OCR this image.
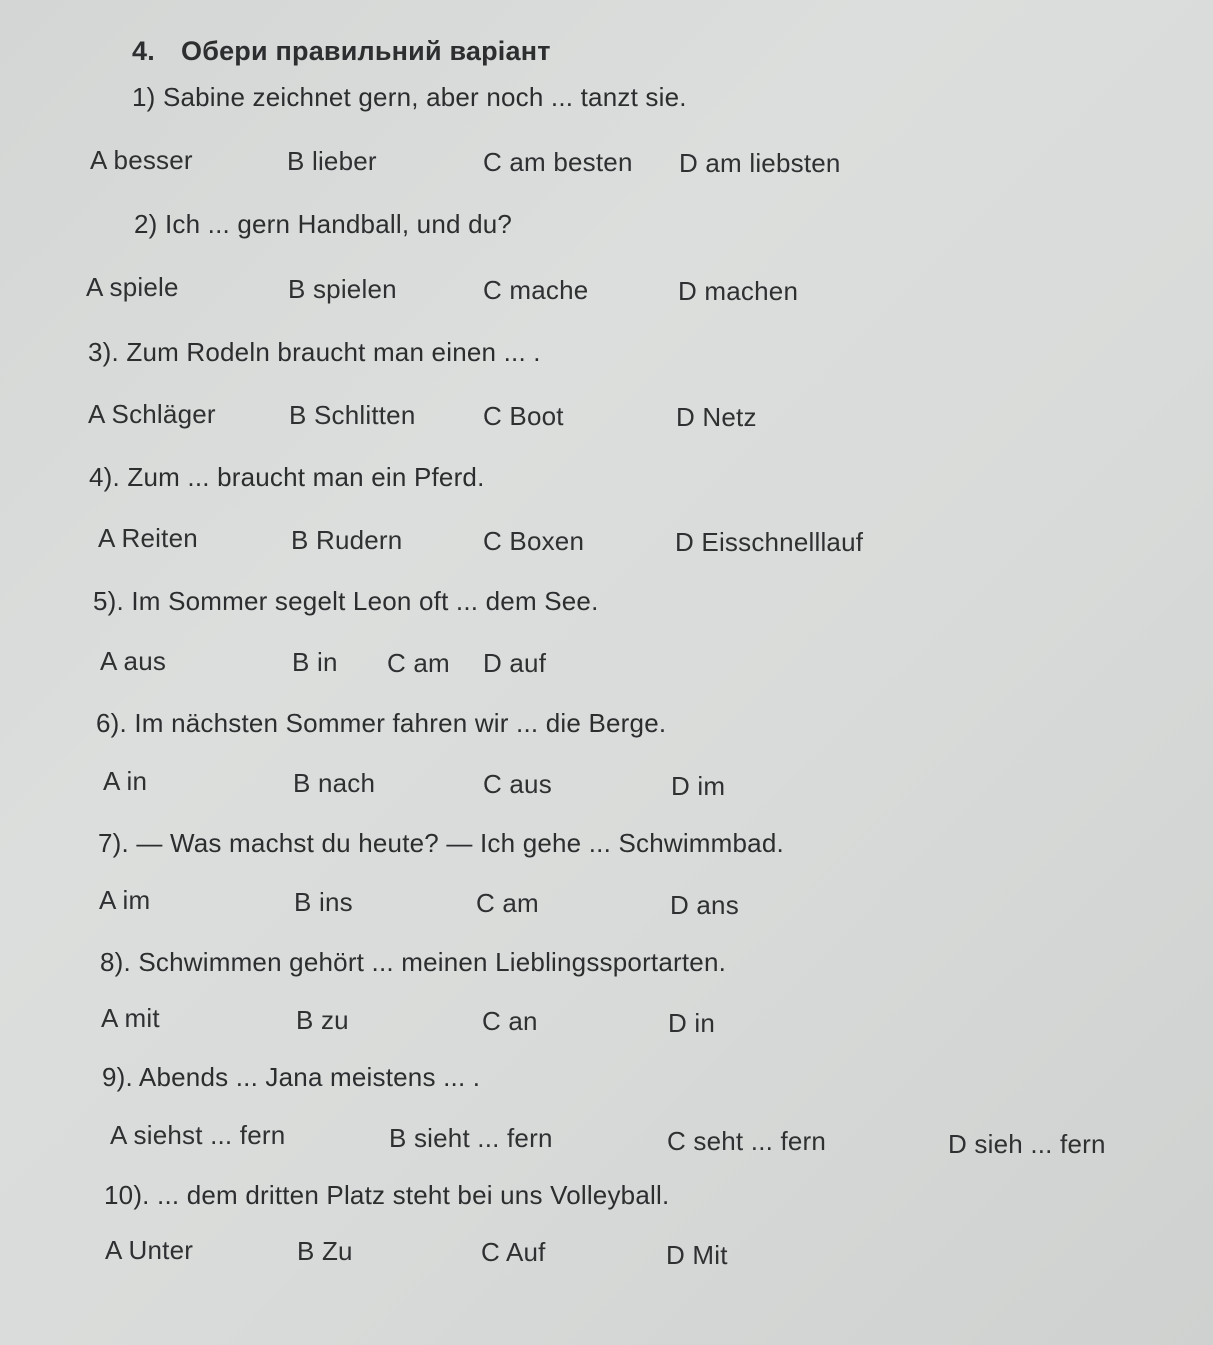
4. Обери правильний варіант
1) Sabine zeichnet gern, aber noch ... tanzt sie.
A besser	B lieber	C am besten D am liebsten
2) Ich ... gern Handball, und du?
A spiele	B spielen	C mache	D machen
3). Zum Rodeln braucht man einen ... .
A Schläger	B Schlitten	C Boot	D Netz
4). Zum ... braucht man ein Pferd.
A Reiten	B Rudern	C Boxen	D Eisschnelllauf
5). Im Sommer segelt Leon oft ... dem See.
A aus	B in C am D auf
6). Im nächsten Sommer fahren wir ... die Berge.
A in	B nach	C aus	D im
7). — Was machst du heute? — Ich gehe ... Schwimmbad.
A im	B ins	C am	D ans
8). Schwimmen gehört ... meinen Lieblingssportarten.
A mit	B zu	C an	D in
9). Abends ... Jana meistens ... .
A siehst ... fern	B sieht ... fern	C seht ... fern	D sieh ... fern
10). ... dem dritten Platz steht bei uns Volleyball.
A Unter	B Zu	C Auf	D Mit
